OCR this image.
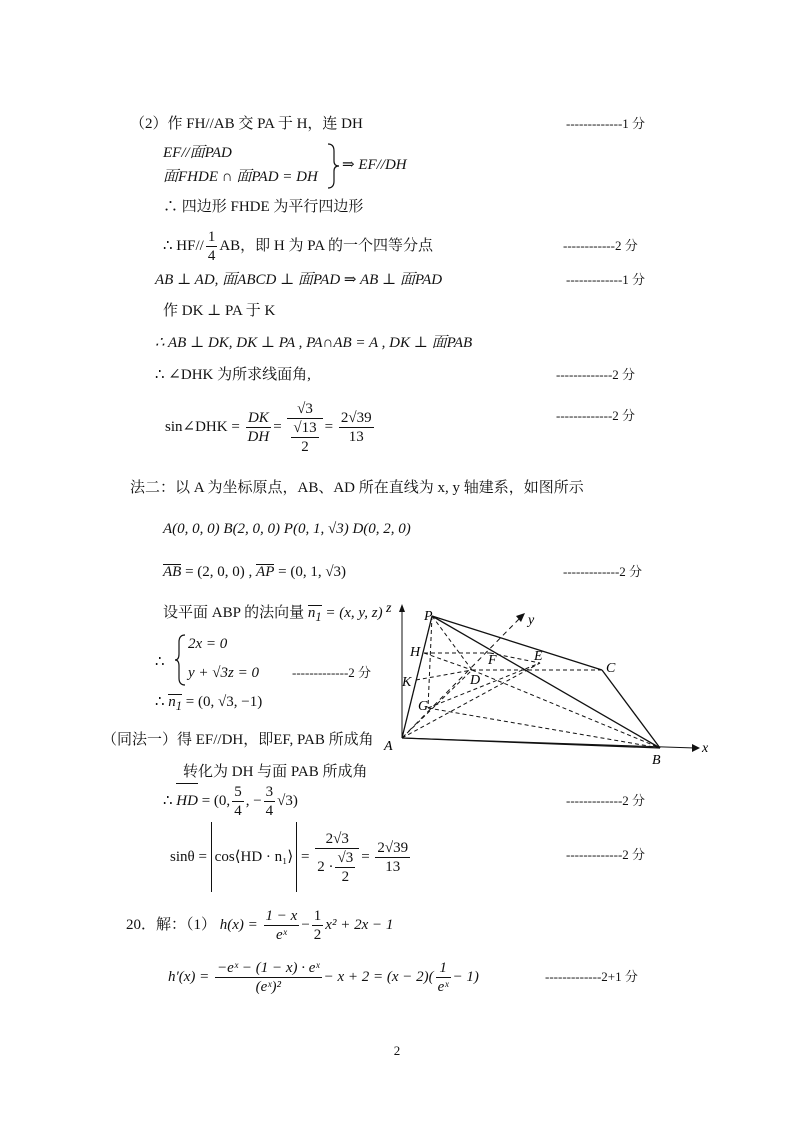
（2）作 FH//AB 交 PA 于 H，连 DH	-------------1 分
EF//面PAD
面FHDE ∩ 面PAD = DH
⇒ EF//DH
∴ 四边形 FHDE 为平行四边形
∴ $HF// \frac{1}{4}$ AB，即 H 为 PA 的一个四等分点	------------2 分
AB ⊥ AD, 面ABCD ⊥ 面PAD ⇒ AB ⊥ 面PAD	-------------1 分
作 DK ⊥ PA 于 K
∴ AB ⊥ DK, DK ⊥ PA , PA∩AB = A , DK ⊥ 面PAB
∴ ∠DHK 为所求线面角,	-------------2 分
sin∠DHK = $\frac{DK}{DH} = \frac{√3}{\frac{√13}{2}} = \frac{2√39}{13}$	-------------2 分
法二：以 A 为坐标原点，AB、AD 所在直线为 x, y 轴建系，如图所示
A(0, 0, 0) B(2, 0, 0) P(0, 1, √3) D(0, 2, 0)
AB = (2, 0, 0) , AP = (0, 1, √3)	-------------2 分
设平面 ABP 的法向量 $n_1 = (x$, y, z)
∴
2x = 0
y + √3z = 0	-------------2 分
∴ $n_1 = (0$, √3, −1)
（同法一）得 EF//DH，即EF, PAB 所成角
转化为 DH 与面 PAB 所成角
∴ HD = (0, $\frac{5}{4}$ , − $\frac{3}{4} √3$)	-------------2 分
sinθ = cos⟨HD · n₁⟩ = $\frac{2√3}{2 \cdot \frac{√3}{2}} = \frac{2√39}{13}$	-------------2 分
20．解：（1） $h(x) = \frac{1 - x}{\text{eˣ}} - \frac{1}{2} x^2 + 2x - 1$
$h'(x) = \frac{\text{−eˣ − (1 − x) · eˣ}}{\text{(eˣ)²}} - x + 2 = (x - 2)( \frac{1}{\text{eˣ}} - 1)$	-------------2+1 分
P
H
K
G
A
B
C
D
E
F
x
y
z
2
